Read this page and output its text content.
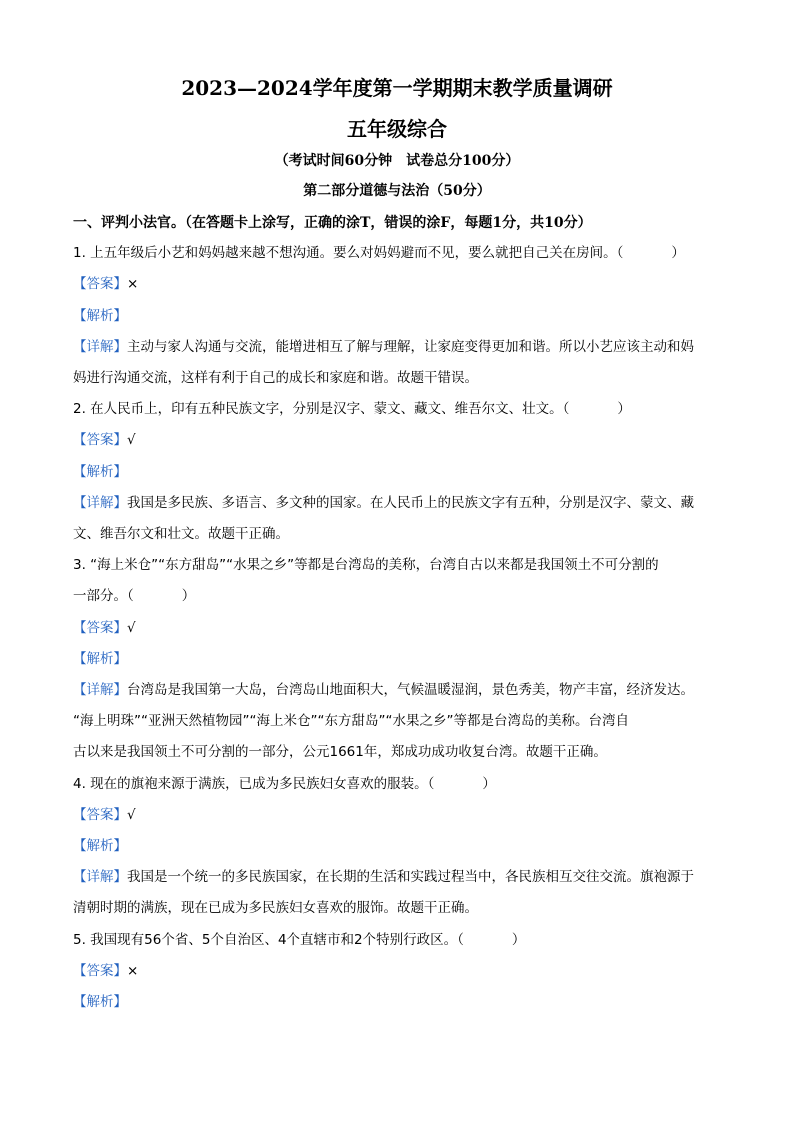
2023—2024学年度第一学期期末教学质量调研
五年级综合
（考试时间60分钟　试卷总分100分）
第二部分道德与法治（50分）
一、评判小法官。（在答题卡上涂写，正确的涂T，错误的涂F，每题1分，共10分）
1. 上五年级后小艺和妈妈越来越不想沟通。要么对妈妈避而不见，要么就把自己关在房间。（	）
【答案】×
【解析】
【详解】主动与家人沟通与交流，能增进相互了解与理解，让家庭变得更加和谐。所以小艺应该主动和妈
妈进行沟通交流，这样有利于自己的成长和家庭和谐。故题干错误。
2. 在人民币上，印有五种民族文字，分别是汉字、蒙文、藏文、维吾尔文、壮文。（	）
【答案】√
【解析】
【详解】我国是多民族、多语言、多文种的国家。在人民币上的民族文字有五种，分别是汉字、蒙文、藏
文、维吾尔文和壮文。故题干正确。
3. “海上米仓”“东方甜岛”“水果之乡”等都是台湾岛的美称，台湾自古以来都是我国领土不可分割的
一部分。（	）
【答案】√
【解析】
【详解】台湾岛是我国第一大岛，台湾岛山地面积大，气候温暖湿润，景色秀美，物产丰富，经济发达。
“海上明珠”“亚洲天然植物园”“海上米仓”“东方甜岛”“水果之乡”等都是台湾岛的美称。台湾自
古以来是我国领土不可分割的一部分，公元1661年，郑成功成功收复台湾。故题干正确。
4. 现在的旗袍来源于满族，已成为多民族妇女喜欢的服装。（	）
【答案】√
【解析】
【详解】我国是一个统一的多民族国家，在长期的生活和实践过程当中，各民族相互交往交流。旗袍源于
清朝时期的满族，现在已成为多民族妇女喜欢的服饰。故题干正确。
5. 我国现有56个省、5个自治区、4个直辖市和2个特别行政区。（	）
【答案】×
【解析】
